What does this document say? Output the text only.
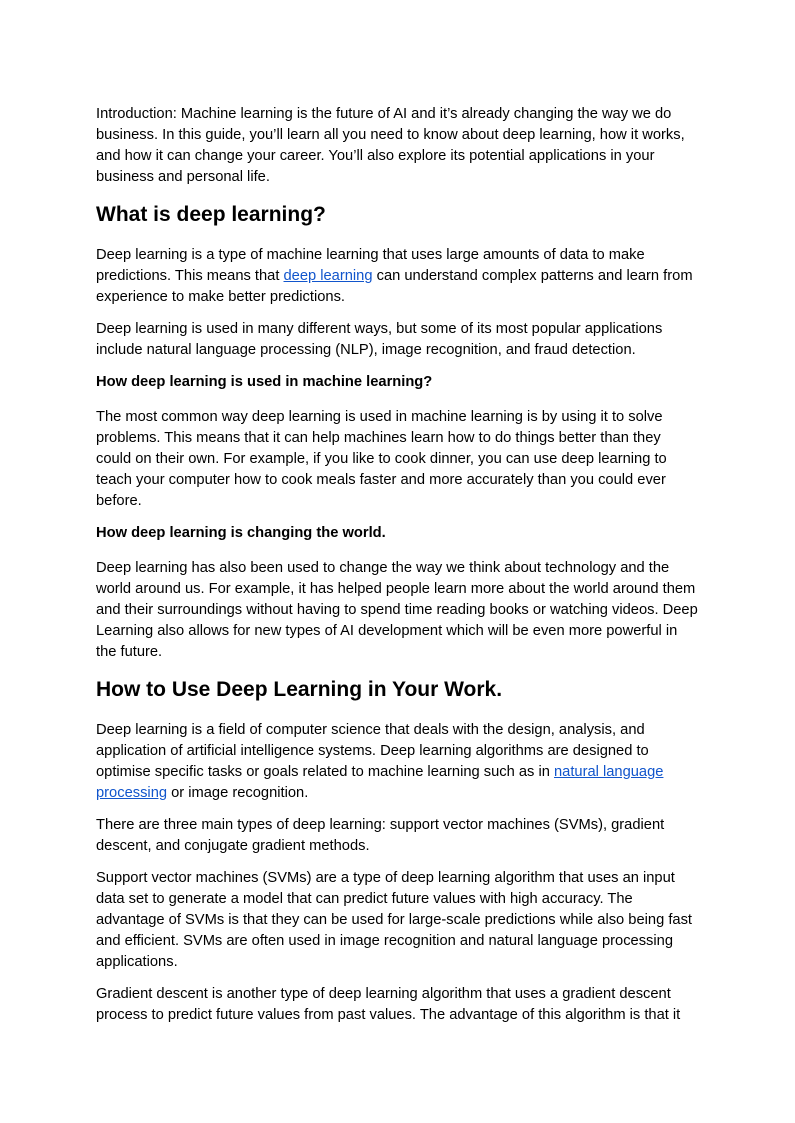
Introduction: Machine learning is the future of AI and it’s already changing the way we do business. In this guide, you’ll learn all you need to know about deep learning, how it works, and how it can change your career. You’ll also explore its potential applications in your business and personal life.

What is deep learning?

Deep learning is a type of machine learning that uses large amounts of data to make predictions. This means that deep learning can understand complex patterns and learn from experience to make better predictions.

Deep learning is used in many different ways, but some of its most popular applications include natural language processing (NLP), image recognition, and fraud detection.

How deep learning is used in machine learning?

The most common way deep learning is used in machine learning is by using it to solve problems. This means that it can help machines learn how to do things better than they could on their own. For example, if you like to cook dinner, you can use deep learning to teach your computer how to cook meals faster and more accurately than you could ever before.

How deep learning is changing the world.

Deep learning has also been used to change the way we think about technology and the world around us. For example, it has helped people learn more about the world around them and their surroundings without having to spend time reading books or watching videos. Deep Learning also allows for new types of AI development which will be even more powerful in the future.

How to Use Deep Learning in Your Work.

Deep learning is a field of computer science that deals with the design, analysis, and application of artificial intelligence systems. Deep learning algorithms are designed to optimise specific tasks or goals related to machine learning such as in natural language processing or image recognition.

There are three main types of deep learning: support vector machines (SVMs), gradient descent, and conjugate gradient methods.

Support vector machines (SVMs) are a type of deep learning algorithm that uses an input data set to generate a model that can predict future values with high accuracy. The advantage of SVMs is that they can be used for large-scale predictions while also being fast and efficient. SVMs are often used in image recognition and natural language processing applications.

Gradient descent is another type of deep learning algorithm that uses a gradient descent process to predict future values from past values. The advantage of this algorithm is that it
